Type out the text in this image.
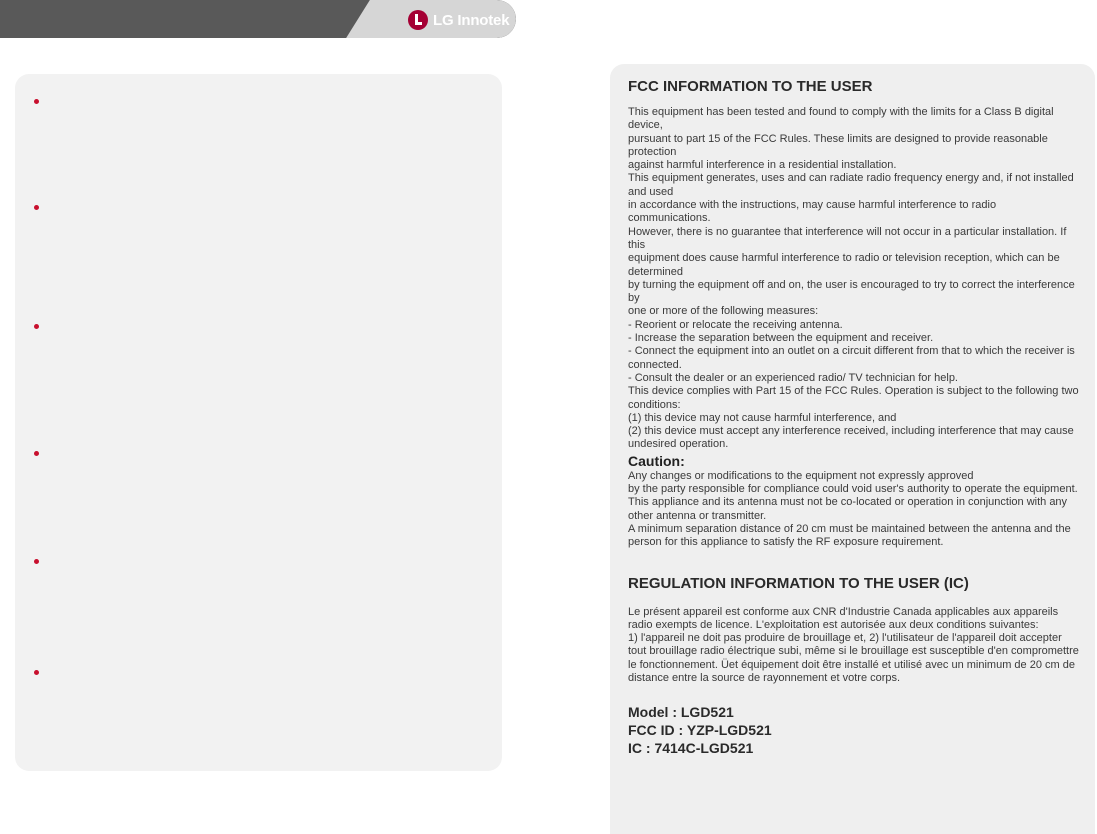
LG Innotek
FCC INFORMATION TO THE USER

This equipment has been tested and found to comply with the limits for a Class B digital device,

pursuant to part 15 of the FCC Rules. These limits are designed to provide reasonable protection

against harmful interference in a residential installation.

This equipment generates, uses and can radiate radio frequency energy and, if not installed and used

in accordance with the instructions, may cause harmful interference to radio communications.

However, there is no guarantee that interference will not occur in a particular installation. If this

equipment does cause harmful interference to radio or television reception, which can be determined

by turning the equipment off and on, the user is encouraged to try to correct the interference by

one or more of the following measures:

- Reorient or relocate the receiving antenna.

- Increase the separation between the equipment and receiver.

- Connect the equipment into an outlet on a circuit different from that to which the receiver is

connected.

- Consult the dealer or an experienced radio/ TV technician for help.

This device complies with Part 15 of the FCC Rules. Operation is subject to the following two conditions:

(1) this device may not cause harmful interference, and

(2) this device must accept any interference received, including interference that may cause undesired operation.

Caution:

Any changes or modifications to the equipment not expressly approved

by the party responsible for compliance could void user's authority to operate the equipment.

This appliance and its antenna must not be co-located or operation in conjunction with any other antenna or transmitter.

A minimum separation distance of 20 cm must be maintained between the antenna and the person for this appliance to satisfy the RF exposure requirement.

REGULATION INFORMATION TO THE USER (IC)

Le présent appareil est conforme aux CNR d'Industrie Canada applicables aux appareils radio exempts de licence. L'exploitation est autorisée aux deux conditions suivantes:

1) l'appareil ne doit pas produire de brouillage et, 2) l'utilisateur de l'appareil doit accepter tout brouillage radio électrique subi, même si le brouillage est susceptible d'en compromettre le fonctionnement. Üet équipement doit être installé et utilisé avec un minimum de 20 cm de distance entre la source de rayonnement et votre corps.

Model : LGD521
FCC ID : YZP-LGD521
IC : 7414C-LGD521
